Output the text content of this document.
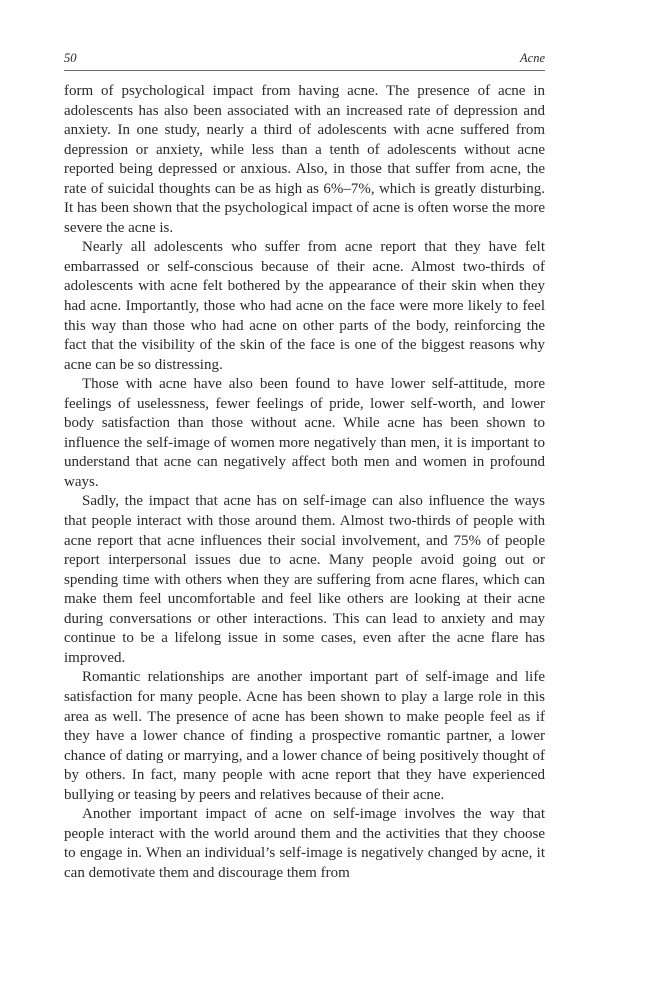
50	Acne

form of psychological impact from having acne. The presence of acne in adolescents has also been associated with an increased rate of depression and anxiety. In one study, nearly a third of adolescents with acne suffered from depression or anxiety, while less than a tenth of adolescents without acne reported being depressed or anxious. Also, in those that suffer from acne, the rate of suicidal thoughts can be as high as 6%–7%, which is greatly disturbing. It has been shown that the psychological impact of acne is often worse the more severe the acne is.

Nearly all adolescents who suffer from acne report that they have felt embarrassed or self-conscious because of their acne. Almost two-thirds of adolescents with acne felt bothered by the appearance of their skin when they had acne. Importantly, those who had acne on the face were more likely to feel this way than those who had acne on other parts of the body, reinforcing the fact that the visibility of the skin of the face is one of the biggest reasons why acne can be so distressing.

Those with acne have also been found to have lower self-attitude, more feelings of uselessness, fewer feelings of pride, lower self-worth, and lower body satisfaction than those without acne. While acne has been shown to influence the self-image of women more negatively than men, it is important to understand that acne can negatively affect both men and women in profound ways.

Sadly, the impact that acne has on self-image can also influence the ways that people interact with those around them. Almost two-thirds of people with acne report that acne influences their social involvement, and 75% of people report interpersonal issues due to acne. Many people avoid going out or spending time with others when they are suffering from acne flares, which can make them feel uncomfortable and feel like others are looking at their acne during conversations or other interactions. This can lead to anxiety and may continue to be a lifelong issue in some cases, even after the acne flare has improved.

Romantic relationships are another important part of self-image and life satisfaction for many people. Acne has been shown to play a large role in this area as well. The presence of acne has been shown to make people feel as if they have a lower chance of finding a prospective romantic partner, a lower chance of dating or marrying, and a lower chance of being positively thought of by others. In fact, many people with acne report that they have experienced bullying or teasing by peers and relatives because of their acne.

Another important impact of acne on self-image involves the way that people interact with the world around them and the activities that they choose to engage in. When an individual’s self-image is negatively changed by acne, it can demotivate them and discourage them from
